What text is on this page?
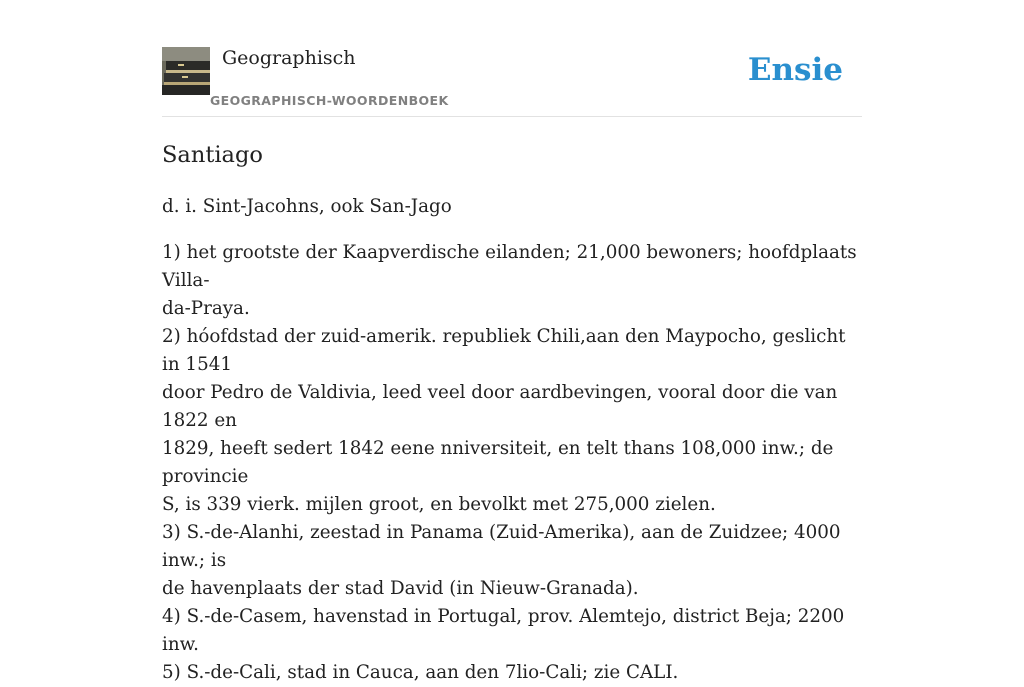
Geographisch
GEOGRAPHISCH-WOORDENBOEK
Ensie
Santiago

d. i. Sint-Jacohns, ook San-Jago

1) het grootste der Kaapverdische eilanden; 21,000 bewoners; hoofdplaats Villa-
da-Praya.
2) hóofdstad der zuid-amerik. republiek Chili,aan den Maypocho, geslicht in 1541
door Pedro de Valdivia, leed veel door aardbevingen, vooral door die van 1822 en
1829, heeft sedert 1842 eene nniversiteit, en telt thans 108,000 inw.; de provincie
S, is 339 vierk. mijlen groot, en bevolkt met 275,000 zielen.
3) S.-de-Alanhi, zeestad in Panama (Zuid-Amerika), aan de Zuidzee; 4000 inw.; is
de havenplaats der stad David (in Nieuw-Granada).
4) S.-de-Casem, havenstad in Portugal, prov. Alemtejo, district Beja; 2200 inw.
5) S.-de-Cali, stad in Cauca, aan den 7lio-Cali; zie CALI.
